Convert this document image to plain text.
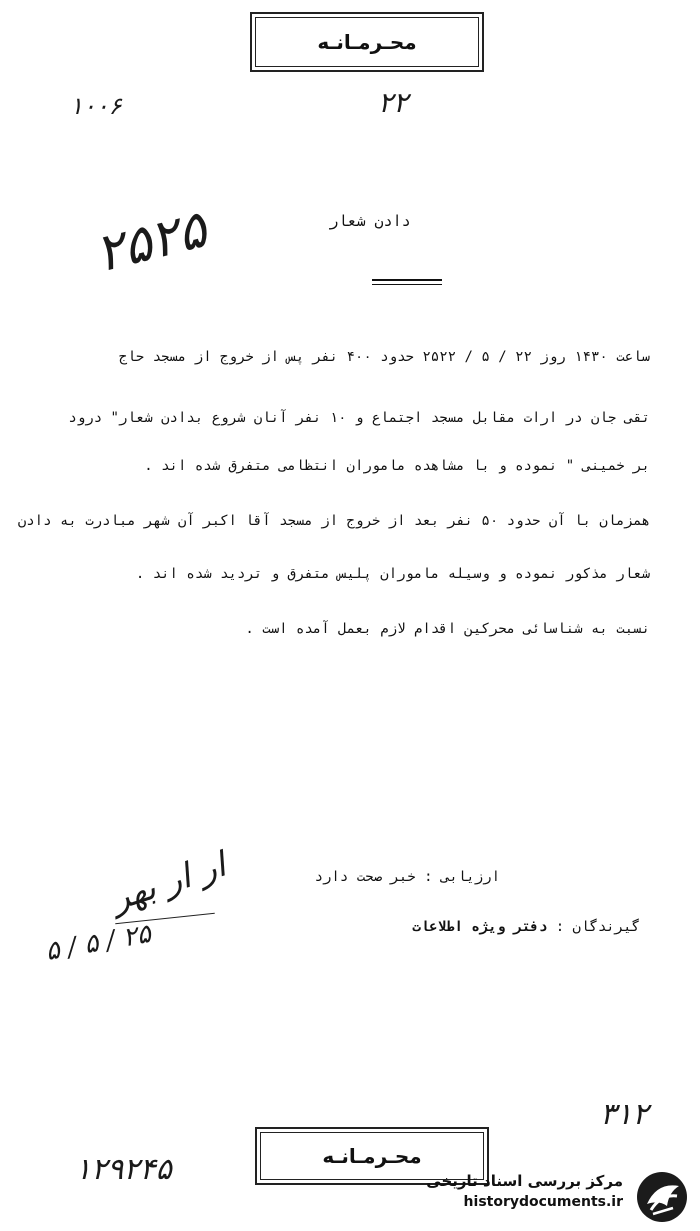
محـرمـانـه
۱۰۰۶	۲۲
۲۵۲۵	دادن شعار
ساعت ۱۴۳۰ روز ۲۲ / ۵ / ۲۵۲۲ حدود ۴۰۰ نفر پس از خروج از مسجد حاج
تقی جان در ارات مقابل مسجد اجتماع و ۱۰ نفر آنان شروع بدادن شعار" درود
بر خمینی " نموده و با مشاهده ماموران انتظامی متفرق شده اند .
همزمان با آن حدود ۵۰ نفر بعد از خروج از مسجد آقا اکبر آن شهر مبادرت به دادن
شعار مذکور نموده و وسیله ماموران پلیس متفرق و تردید شده اند .
نسبت به شناسائی محرکین اقدام لازم بعمل آمده است .
ارزیابی : خبر صحت دارد
گیرندگان : دفتر ویژه اطلاعات
ار ار بهر
۵ / ۵ / ۲۵
۳۱۲
محـرمـانـه
۱۲۹۲۴۵	مرکز بررسی اسناد تاریخی
historydocuments.ir
